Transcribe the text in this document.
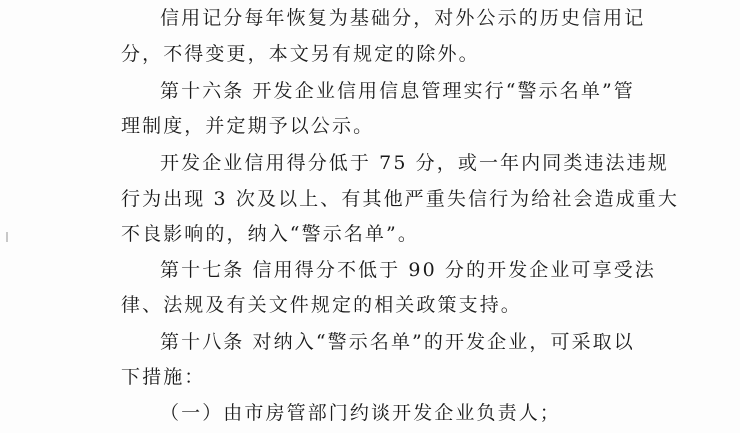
信用记分每年恢复为基础分，对外公示的历史信用记
分，不得变更，本文另有规定的除外。
第十六条 开发企业信用信息管理实行“警示名单”管
理制度，并定期予以公示。
开发企业信用得分低于 75 分，或一年内同类违法违规
行为出现 3 次及以上、有其他严重失信行为给社会造成重大
不良影响的，纳入“警示名单”。
第十七条 信用得分不低于 90 分的开发企业可享受法
律、法规及有关文件规定的相关政策支持。
第十八条 对纳入“警示名单”的开发企业，可采取以
下措施：
（一）由市房管部门约谈开发企业负责人；
